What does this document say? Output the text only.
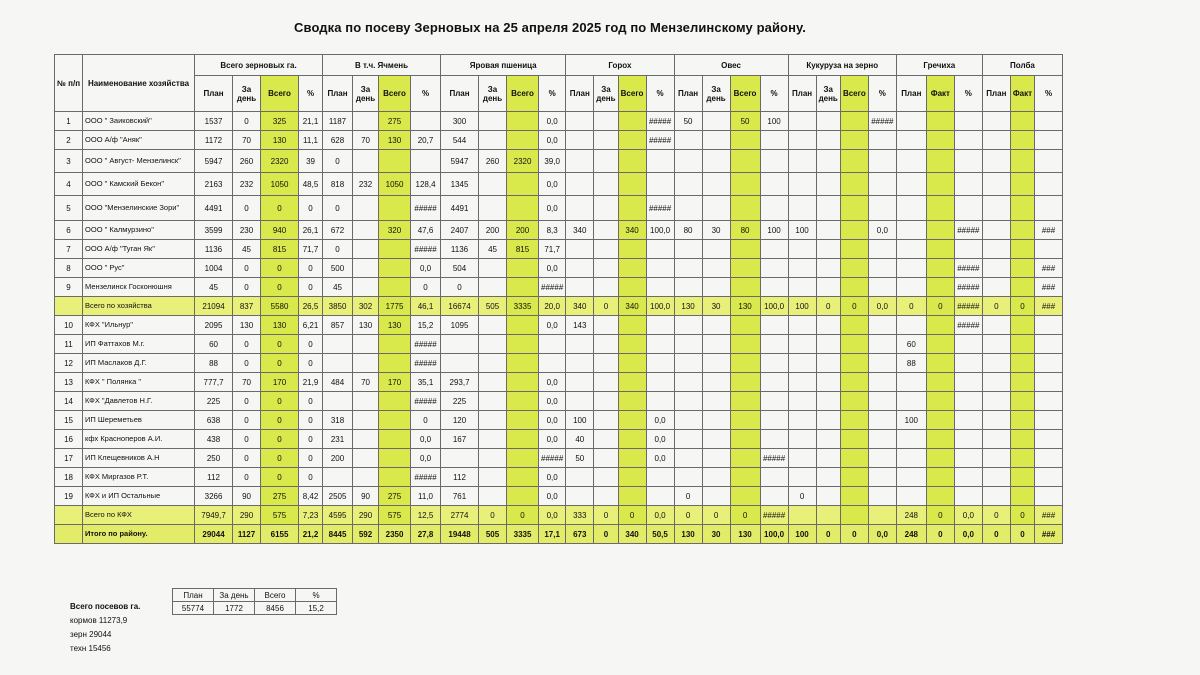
Сводка по посеву Зерновых на 25 апреля 2025 год по Мензелинскому району.
№ п/п	Наименование хозяйства	Всего зерновых га.				В т.ч. Ячмень				Яровая пшеница				Горох				Овес				Кукуруза на зерно				Гречиха			Полба		
		План	За день	Всего	%	План	За день	Всего	%	План	За день	Всего	%	План	За день	Всего	%	План	За день	Всего	%	План	За день	Всего	%	План	Факт	%	План	Факт	%
1	ООО " Заиковский"	1537	0	325	21,1	1187		275		300			0,0				#####	50		50	100				#####						
2	ООО А/ф "Аняк"	1172	70	130	11,1	628	70	130	20,7	544			0,0				#####														
3	ООО " Август- Мензелинск"	5947	260	2320	39	0				5947	260	2320	39,0																		
4	ООО " Камский Бекон"	2163	232	1050	48,5	818	232	1050	128,4	1345			0,0																		
5	ООО "Мензелинские Зори"	4491	0	0	0	0			#####	4491			0,0				#####														
6	ООО " Калмурзино"	3599	230	940	26,1	672		320	47,6	2407	200	200	8,3	340		340	100,0	80	30	80	100	100			0,0			#####			###
7	ООО А/ф "Туган Як"	1136	45	815	71,7	0			#####	1136	45	815	71,7																		
8	ООО " Рус"	1004	0	0	0	500			0,0	504			0,0															#####			###
9	Мензелинск Госконюшня	45	0	0	0	45			0	0			#####															#####			###
	Всего по хозяйства	21094	837	5580	26,5	3850	302	1775	46,1	16674	505	3335	20,0	340	0	340	100,0	130	30	130	100,0	100	0	0	0,0	0	0	#####	0	0	###
10	КФХ "Ильнур"	2095	130	130	6,21	857	130	130	15,2	1095			0,0	143														#####			
11	ИП Фаттахов М.г.	60	0	0	0				#####																	60					
12	ИП Маслаков Д.Г.	88	0	0	0				#####																	88					
13	КФХ " Полянка "	777,7	70	170	21,9	484	70	170	35,1	293,7			0,0																		
14	КФХ "Давлетов Н.Г.	225	0	0	0				#####	225			0,0																		
15	ИП Шереметьев	638	0	0	0	318			0	120			0,0	100			0,0									100					
16	кфх Красноперов А.И.	438	0	0	0	231			0,0	167			0,0	40			0,0														
17	ИП Клещевников А.Н	250	0	0	0	200			0,0				#####	50			0,0				#####										
18	КФХ Миргазов Р.Т.	112	0	0	0				#####	112			0,0																		
19	КФХ и ИП Остальные	3266	90	275	8,42	2505	90	275	11,0	761			0,0					0				0									
	Всего по КФХ	7949,7	290	575	7,23	4595	290	575	12,5	2774	0	0	0,0	333	0	0	0,0	0	0	0	#####					248	0	0,0	0	0	###
	Итого по району.	29044	1127	6155	21,2	8445	592	2350	27,8	19448	505	3335	17,1	673	0	340	50,5	130	30	130	100,0	100	0	0	0,0	248	0	0,0	0	0	###
План	За день	Всего	%
55774	1772	8456	15,2
Всего посевов га.
кормов 11273,9
зерн 29044
техн 15456
